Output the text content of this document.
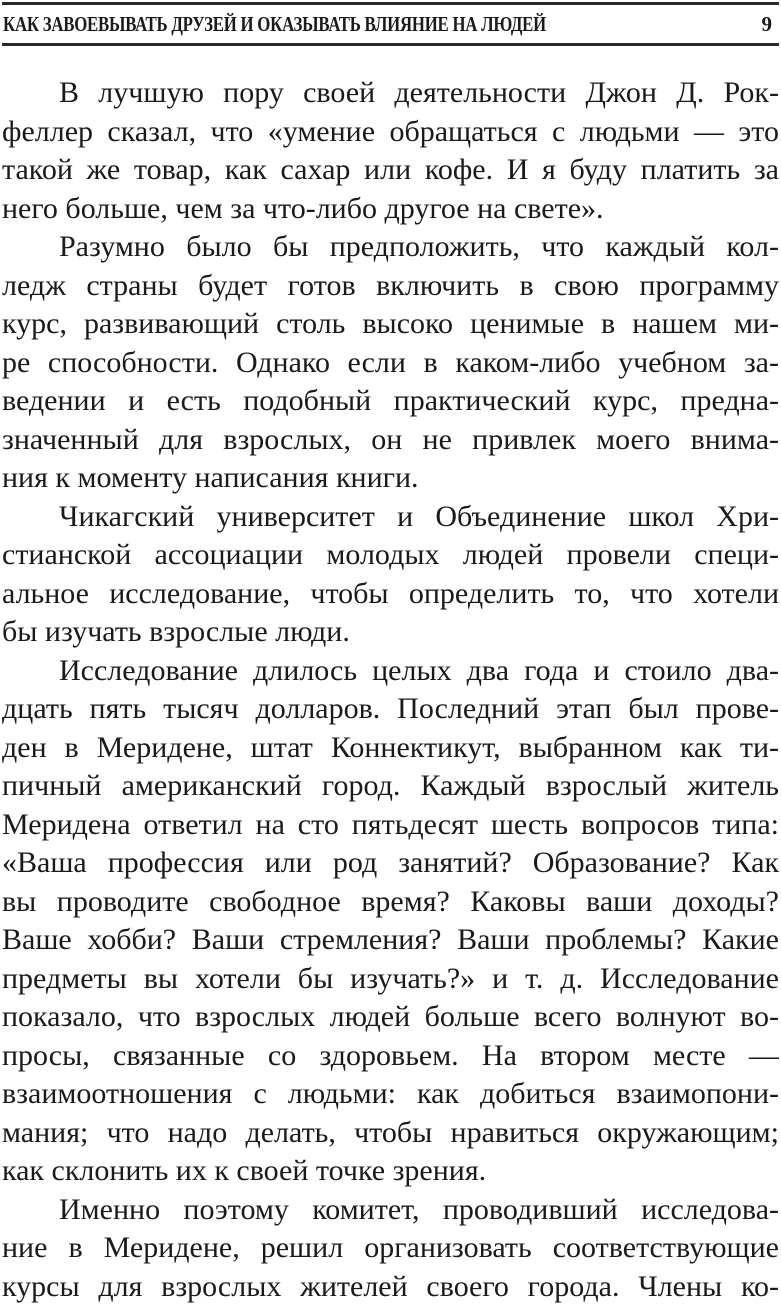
КАК ЗАВОЕВЫВАТЬ ДРУЗЕЙ И ОКАЗЫВАТЬ ВЛИЯНИЕ НА ЛЮДЕЙ	9
В лучшую пору своей деятельности Джон Д. Рок-
феллер сказал, что «умение обращаться с людьми — это
такой же товар, как сахар или кофе. И я буду платить за
него больше, чем за что-либо другое на свете».
Разумно было бы предположить, что каждый кол-
ледж страны будет готов включить в свою программу
курс, развивающий столь высоко ценимые в нашем ми-
ре способности. Однако если в каком-либо учебном за-
ведении и есть подобный практический курс, предна-
значенный для взрослых, он не привлек моего внима-
ния к моменту написания книги.
Чикагский университет и Объединение школ Хри-
стианской ассоциации молодых людей провели специ-
альное исследование, чтобы определить то, что хотели
бы изучать взрослые люди.
Исследование длилось целых два года и стоило два-
дцать пять тысяч долларов. Последний этап был прове-
ден в Меридене, штат Коннектикут, выбранном как ти-
пичный американский город. Каждый взрослый житель
Меридена ответил на сто пятьдесят шесть вопросов типа:
«Ваша профессия или род занятий? Образование? Как
вы проводите свободное время? Каковы ваши доходы?
Ваше хобби? Ваши стремления? Ваши проблемы? Какие
предметы вы хотели бы изучать?» и т. д. Исследование
показало, что взрослых людей больше всего волнуют во-
просы, связанные со здоровьем. На втором месте —
взаимоотношения с людьми: как добиться взаимопони-
мания; что надо делать, чтобы нравиться окружающим;
как склонить их к своей точке зрения.
Именно поэтому комитет, проводивший исследова-
ние в Меридене, решил организовать соответствующие
курсы для взрослых жителей своего города. Члены ко-
